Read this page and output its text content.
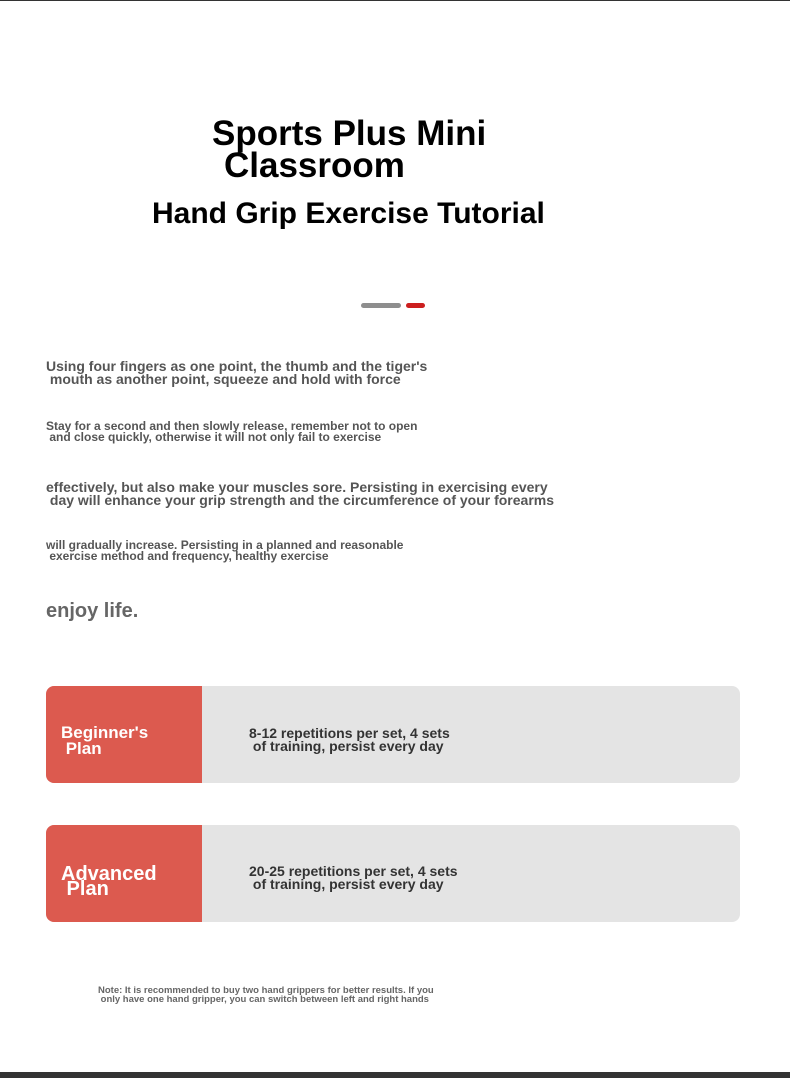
Sports Plus Mini
Classroom
Hand Grip Exercise Tutorial

Using four fingers as one point, the thumb and the tiger's
mouth as another point, squeeze and hold with force

Stay for a second and then slowly release, remember not to open
and close quickly, otherwise it will not only fail to exercise

effectively, but also make your muscles sore. Persisting in exercising every
day will enhance your grip strength and the circumference of your forearms

will gradually increase. Persisting in a planned and reasonable
exercise method and frequency, healthy exercise

enjoy life.

Beginner's
Plan

8-12 repetitions per set, 4 sets
of training, persist every day

Advanced
Plan

20-25 repetitions per set, 4 sets
of training, persist every day

Note: It is recommended to buy two hand grippers for better results. If you
only have one hand gripper, you can switch between left and right hands
